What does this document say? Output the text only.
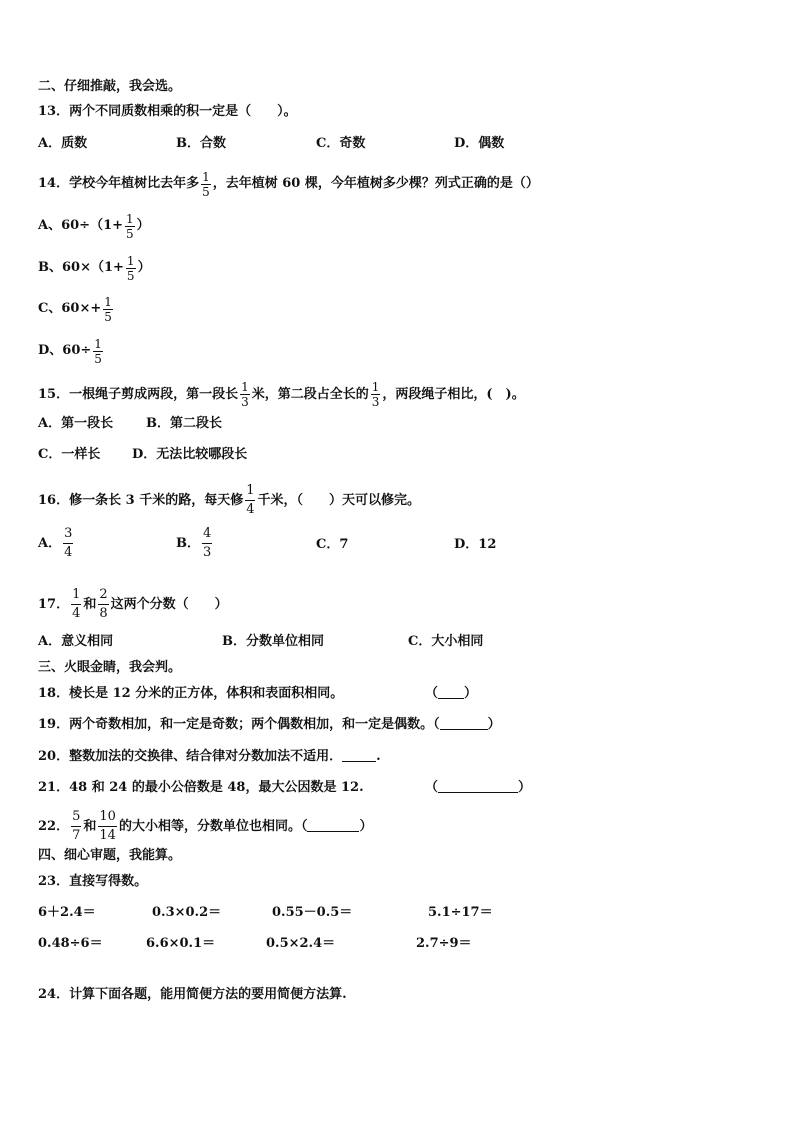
二、仔细推敲，我会选。
13．两个不同质数相乘的积一定是（　　）。
A．质数	B．合数	C．奇数	D．偶数
14．学校今年植树比去年多 $\frac{1}{5}$ ，去年植树 60 棵，今年植树多少棵？列式正确的是（）
A、$60\div(1+ \frac{1}{5}$ ）
B、$60\times(1+ \frac{1}{5}$ ）
C、$60\times+ \frac{1}{5}$
D、$60\div \frac{1}{5}$
15．一根绳子剪成两段，第一段长 $\frac{1}{3}$ 米，第二段占全长的 $\frac{1}{3}$ ，两段绳子相比，(　)。
A．第一段长	B．第二段长
C．一样长 D．无法比较哪段长
16．修一条长 3 千米的路，每天修 $\frac{1}{4}$ 千米，（　　）天可以修完。
A． $\frac{3}{4}$	B． $\frac{4}{3}$	C．7	D．12
17． $\frac{1}{4}$ 和 $\frac{2}{8}$ 这两个分数（　　）
A．意义相同	B．分数单位相同	C．大小相同
三、火眼金睛，我会判。
18．棱长是 12 分米的正方体，体积和表面积相同。	（ ）
19．两个奇数相加，和一定是奇数；两个偶数相加，和一定是偶数。（	）
20．整数加法的交换律、结合律对分数加法不适用．	.
21．48 和 24 的最小公倍数是 48，最大公因数是 12.	（	）
22． $\frac{5}{7}$ 和 $\frac{10}{14}$ 的大小相等，分数单位也相同。（	）
四、细心审题，我能算。
23．直接写得数。
6＋2.4＝	0.3×0.2＝	0.55－0.5＝	5.1÷17＝
0.48÷6＝	6.6×0.1＝	0.5×2.4＝	2.7÷9＝
24．计算下面各题，能用简便方法的要用简便方法算.
